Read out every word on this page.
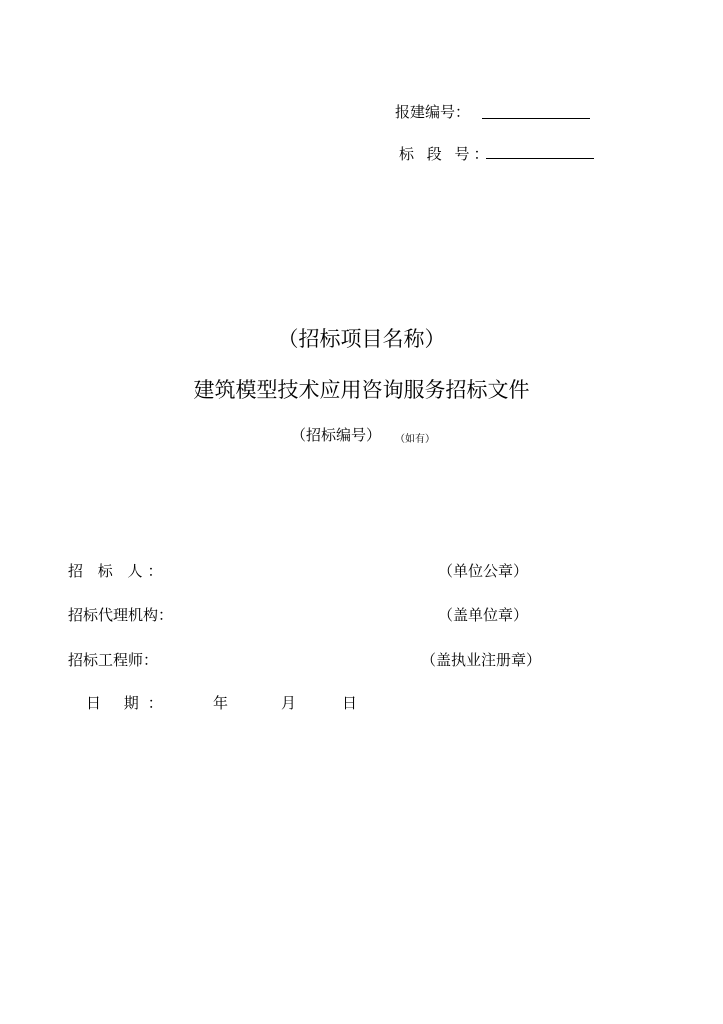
报建编号：
标 段 号：
（招标项目名称）
建筑模型技术应用咨询服务招标文件
（招标编号） （如有）
招 标 人：	（单位公章）
招标代理机构：	（盖单位章）
招标工程师：	（盖执业注册章）
日 期：	年	月	日
